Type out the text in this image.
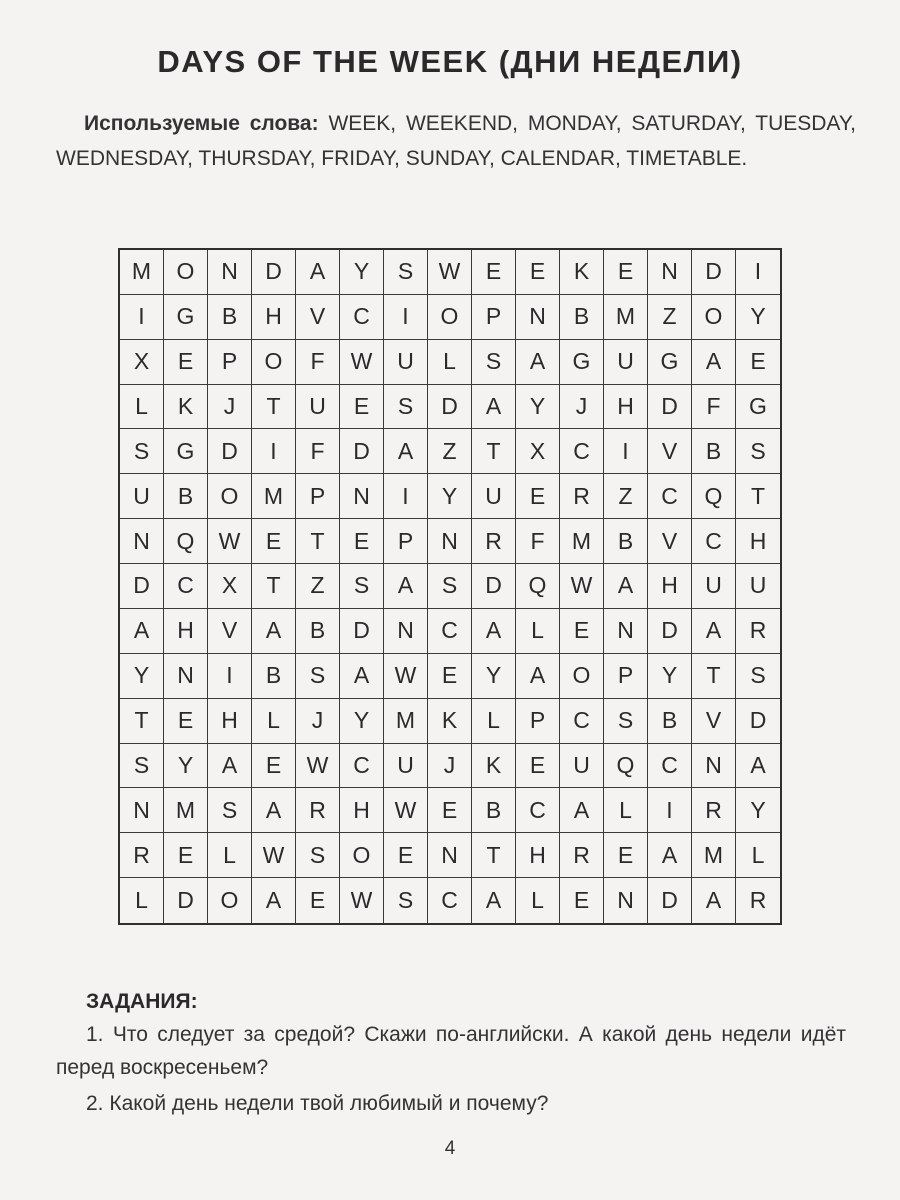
DAYS OF THE WEEK (ДНИ НЕДЕЛИ)
Используемые слова: WEEK, WEEKEND, MONDAY, SATURDAY, TUESDAY, WEDNESDAY, THURSDAY, FRIDAY, SUNDAY, CALENDAR, TIMETABLE.
M	O	N	D	A	Y	S	W	E	E	K	E	N	D	I
I	G	B	H	V	C	I	O	P	N	B	M	Z	O	Y
X	E	P	O	F	W	U	L	S	A	G	U	G	A	E
L	K	J	T	U	E	S	D	A	Y	J	H	D	F	G
S	G	D	I	F	D	A	Z	T	X	C	I	V	B	S
U	B	O	M	P	N	I	Y	U	E	R	Z	C	Q	T
N	Q	W	E	T	E	P	N	R	F	M	B	V	C	H
D	C	X	T	Z	S	A	S	D	Q	W	A	H	U	U
A	H	V	A	B	D	N	C	A	L	E	N	D	A	R
Y	N	I	B	S	A	W	E	Y	A	O	P	Y	T	S
T	E	H	L	J	Y	M	K	L	P	C	S	B	V	D
S	Y	A	E	W	C	U	J	K	E	U	Q	C	N	A
N	M	S	A	R	H	W	E	B	C	A	L	I	R	Y
R	E	L	W	S	O	E	N	T	H	R	E	A	M	L
L	D	O	A	E	W	S	C	A	L	E	N	D	A	R
ЗАДАНИЯ:
1. Что следует за средой? Скажи по-английски. А какой день недели идёт перед воскресеньем?
2. Какой день недели твой любимый и почему?
4
